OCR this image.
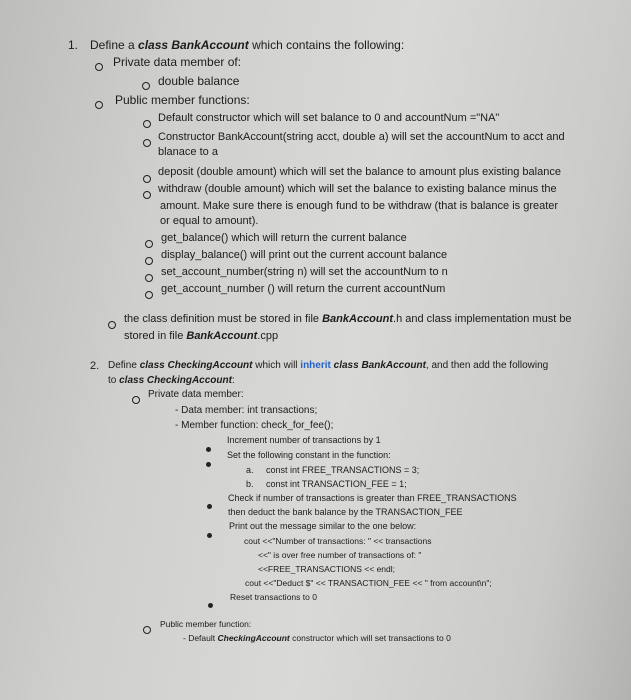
1. Define a class BankAccount which contains the following:
Private data member of:
double balance
Public member functions:
Default constructor which will set balance to 0 and accountNum ="NA"
Constructor BankAccount(string acct, double a) will set the accountNum to acct and
blanace to a
deposit (double amount) which will set the balance to amount plus existing balance
withdraw (double amount) which will set the balance to existing balance minus the
amount. Make sure there is enough fund to be withdraw (that is balance is greater
or equal to amount).
get_balance() which will return the current balance
display_balance() will print out the current account balance
set_account_number(string n) will set the accountNum to n
get_account_number () will return the current accountNum
the class definition must be stored in file BankAccount.h and class implementation must be
stored in file BankAccount.cpp
2. Define class CheckingAccount which will inherit class BankAccount, and then add the following
to class CheckingAccount:
Private data member:
- Data member: int transactions;
- Member function: check_for_fee();
Increment number of transactions by 1
Set the following constant in the function:
a. const int FREE_TRANSACTIONS = 3;
b. const int TRANSACTION_FEE = 1;
Check if number of transactions is greater than FREE_TRANSACTIONS
then deduct the bank balance by the TRANSACTION_FEE
Print out the message similar to the one below:
cout <<"Number of transactions: " << transactions
<<" is over free number of transactions of: "
<<FREE_TRANSACTIONS << endl;
cout <<"Deduct $" << TRANSACTION_FEE << " from account\n";
Reset transactions to 0
Public member function:
- Default CheckingAccount constructor which will set transactions to 0
